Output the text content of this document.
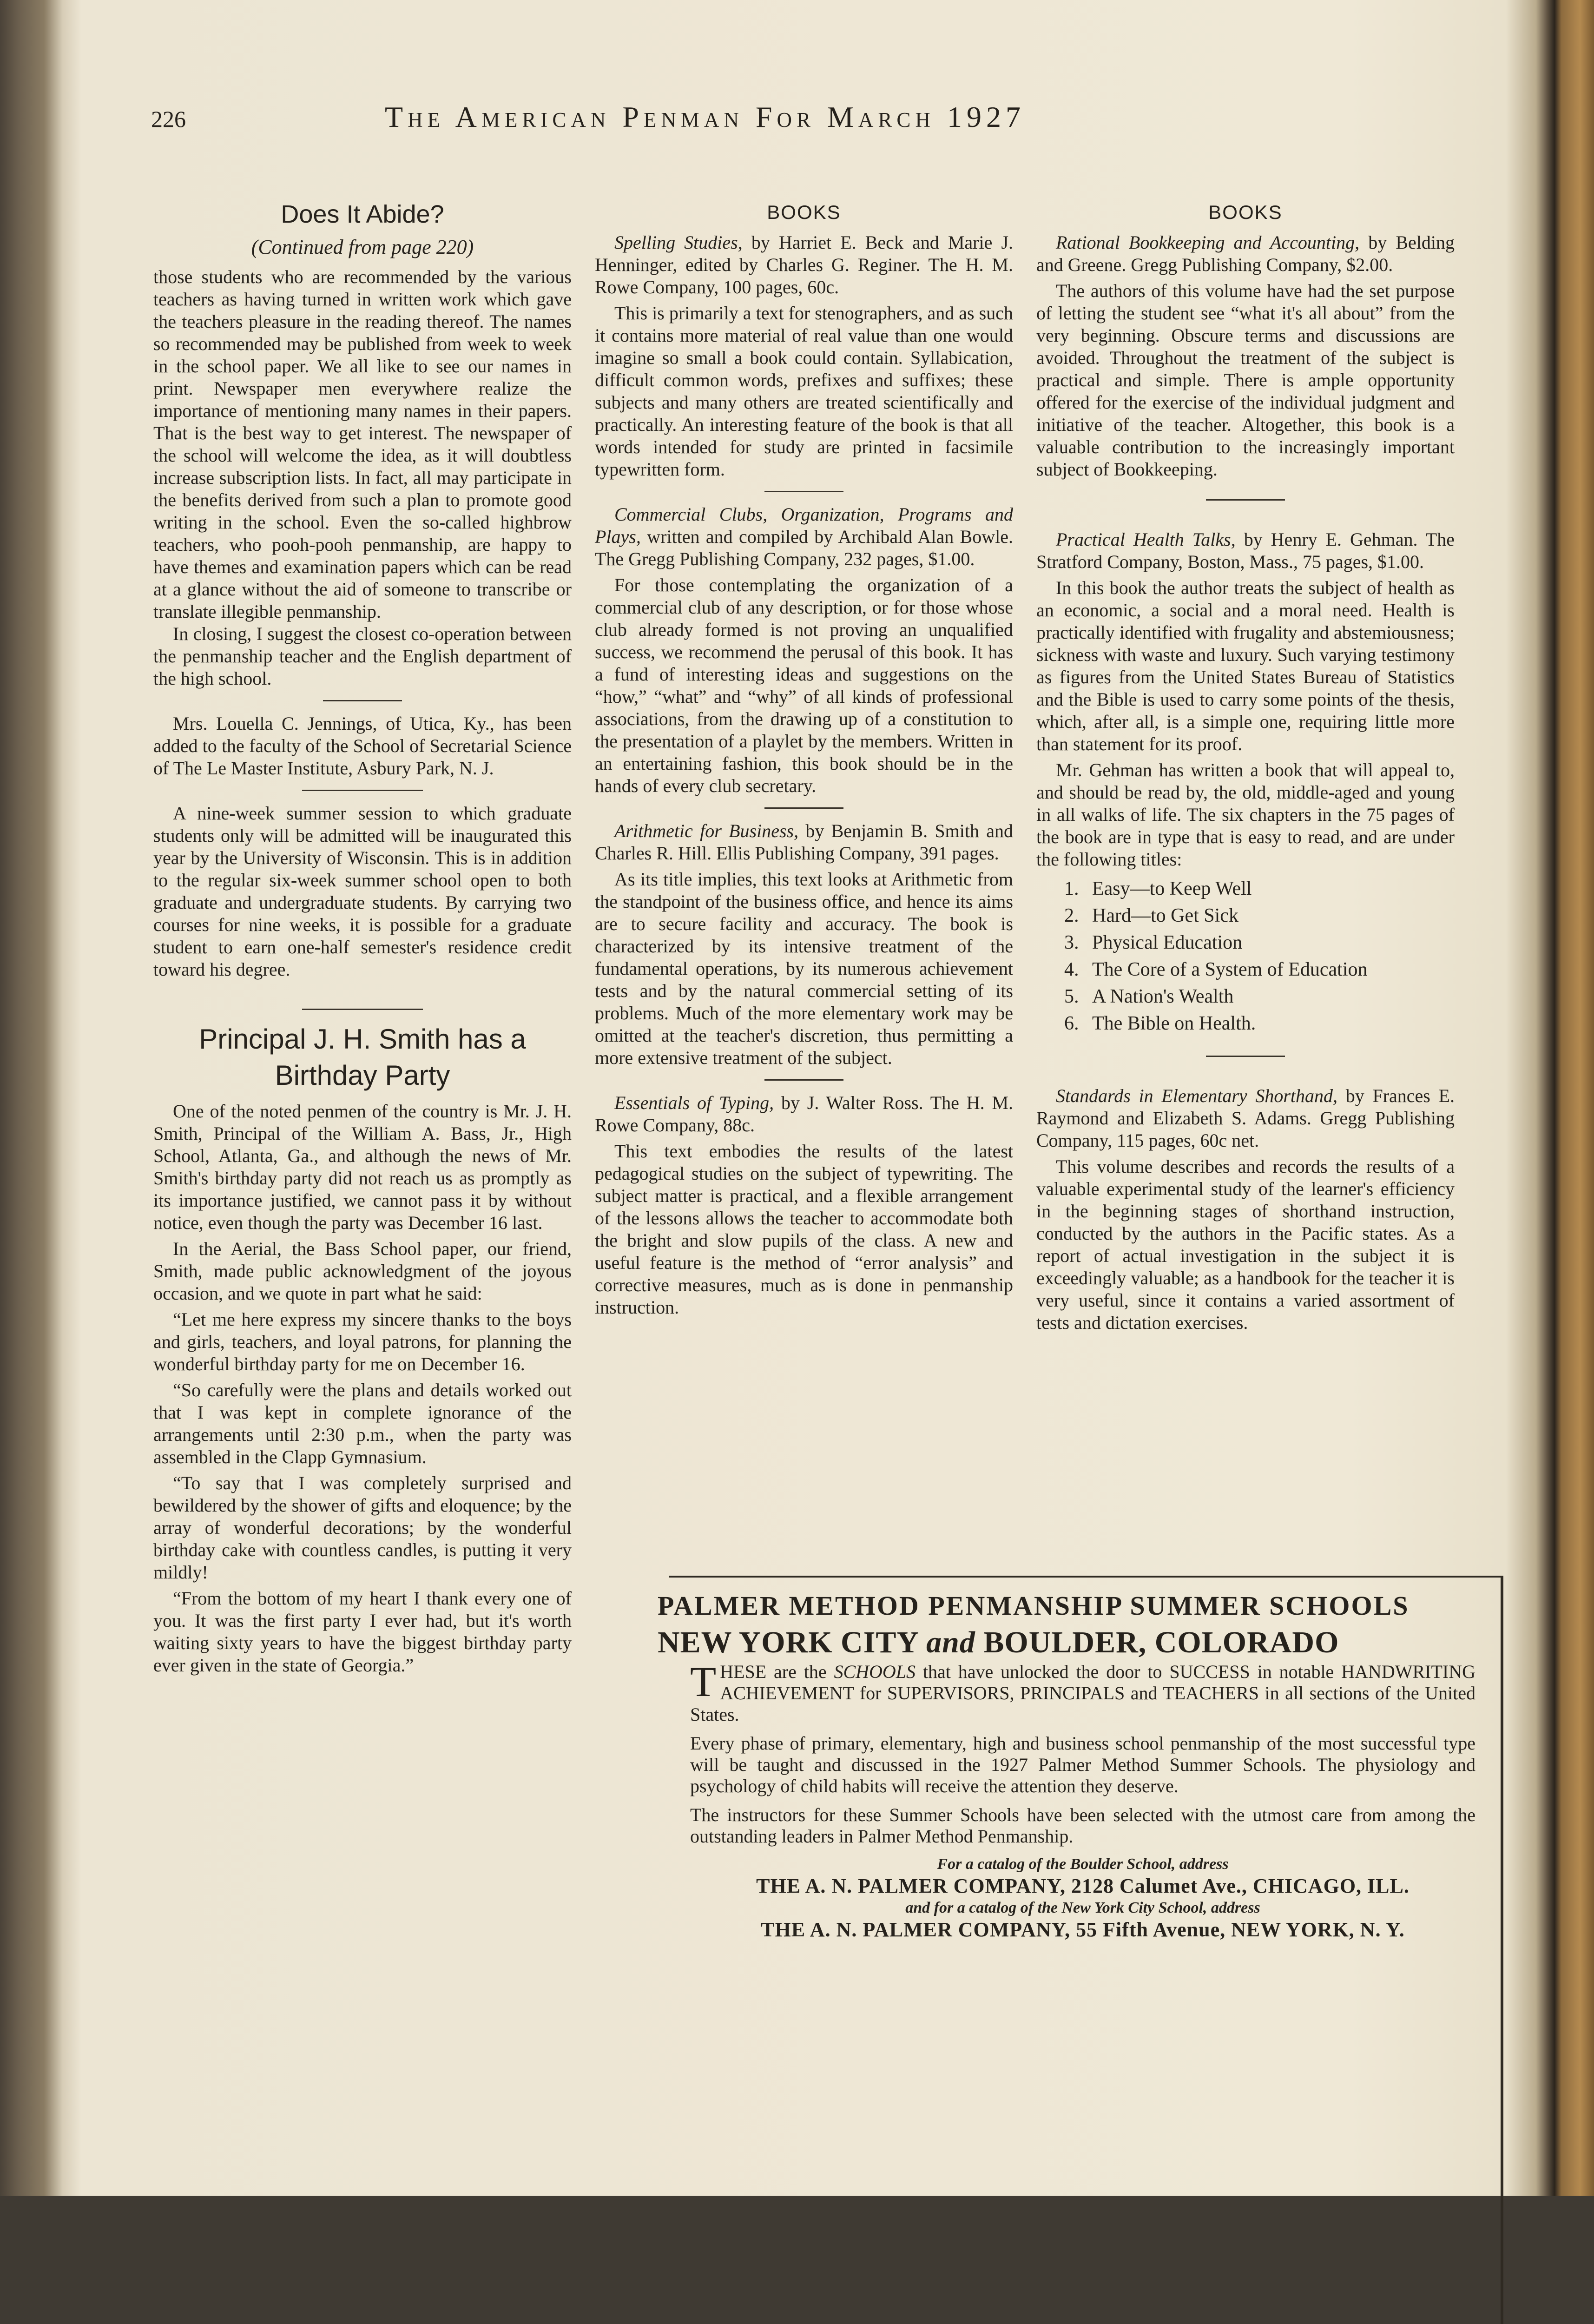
226	The American Penman For March 1927
Does It Abide?
(Continued from page 220)

those students who are recommended by the various teachers as having turned in written work which gave the teachers pleasure in the reading thereof. The names so recommended may be published from week to week in the school paper. We all like to see our names in print. Newspaper men everywhere realize the importance of mentioning many names in their papers. That is the best way to get interest. The newspaper of the school will welcome the idea, as it will doubtless increase subscription lists. In fact, all may participate in the benefits derived from such a plan to promote good writing in the school. Even the so-called highbrow teachers, who pooh-pooh penmanship, are happy to have themes and examination papers which can be read at a glance without the aid of someone to transcribe or translate illegible penmanship.

In closing, I suggest the closest co-operation between the penmanship teacher and the English department of the high school.

Mrs. Louella C. Jennings, of Utica, Ky., has been added to the faculty of the School of Secretarial Science of The Le Master Institute, Asbury Park, N. J.

A nine-week summer session to which graduate students only will be admitted will be inaugurated this year by the University of Wisconsin. This is in addition to the regular six-week summer school open to both graduate and undergraduate students. By carrying two courses for nine weeks, it is possible for a graduate student to earn one-half semester's residence credit toward his degree.

Principal J. H. Smith has a Birthday Party

One of the noted penmen of the country is Mr. J. H. Smith, Principal of the William A. Bass, Jr., High School, Atlanta, Ga., and although the news of Mr. Smith's birthday party did not reach us as promptly as its importance justified, we cannot pass it by without notice, even though the party was December 16 last.

In the Aerial, the Bass School paper, our friend, Smith, made public acknowledgment of the joyous occasion, and we quote in part what he said:

“Let me here express my sincere thanks to the boys and girls, teachers, and loyal patrons, for planning the wonderful birthday party for me on December 16.

“So carefully were the plans and details worked out that I was kept in complete ignorance of the arrangements until 2:30 p.m., when the party was assembled in the Clapp Gymnasium.

“To say that I was completely surprised and bewildered by the shower of gifts and eloquence; by the array of wonderful decorations; by the wonderful birthday cake with countless candles, is putting it very mildly!

“From the bottom of my heart I thank every one of you. It was the first party I ever had, but it's worth waiting sixty years to have the biggest birthday party ever given in the state of Georgia.”

BOOKS

Spelling Studies, by Harriet E. Beck and Marie J. Henninger, edited by Charles G. Reginer. The H. M. Rowe Company, 100 pages, 60c.

This is primarily a text for stenographers, and as such it contains more material of real value than one would imagine so small a book could contain. Syllabication, difficult common words, prefixes and suffixes; these subjects and many others are treated scientifically and practically. An interesting feature of the book is that all words intended for study are printed in facsimile typewritten form.

Commercial Clubs, Organization, Programs and Plays, written and compiled by Archibald Alan Bowle. The Gregg Publishing Company, 232 pages, $1.00.

For those contemplating the organization of a commercial club of any description, or for those whose club already formed is not proving an unqualified success, we recommend the perusal of this book. It has a fund of interesting ideas and suggestions on the “how,” “what” and “why” of all kinds of professional associations, from the drawing up of a constitution to the presentation of a playlet by the members. Written in an entertaining fashion, this book should be in the hands of every club secretary.

Arithmetic for Business, by Benjamin B. Smith and Charles R. Hill. Ellis Publishing Company, 391 pages.

As its title implies, this text looks at Arithmetic from the standpoint of the business office, and hence its aims are to secure facility and accuracy. The book is characterized by its intensive treatment of the fundamental operations, by its numerous achievement tests and by the natural commercial setting of its problems. Much of the more elementary work may be omitted at the teacher's discretion, thus permitting a more extensive treatment of the subject.

Essentials of Typing, by J. Walter Ross. The H. M. Rowe Company, 88c.

This text embodies the results of the latest pedagogical studies on the subject of typewriting. The subject matter is practical, and a flexible arrangement of the lessons allows the teacher to accommodate both the bright and slow pupils of the class. A new and useful feature is the method of “error analysis” and corrective measures, much as is done in penmanship instruction.

BOOKS

Rational Bookkeeping and Accounting, by Belding and Greene. Gregg Publishing Company, $2.00.

The authors of this volume have had the set purpose of letting the student see “what it's all about” from the very beginning. Obscure terms and discussions are avoided. Throughout the treatment of the subject is practical and simple. There is ample opportunity offered for the exercise of the individual judgment and initiative of the teacher. Altogether, this book is a valuable contribution to the increasingly important subject of Bookkeeping.

Practical Health Talks, by Henry E. Gehman. The Stratford Company, Boston, Mass., 75 pages, $1.00.

In this book the author treats the subject of health as an economic, a social and a moral need. Health is practically identified with frugality and abstemiousness; sickness with waste and luxury. Such varying testimony as figures from the United States Bureau of Statistics and the Bible is used to carry some points of the thesis, which, after all, is a simple one, requiring little more than statement for its proof.

Mr. Gehman has written a book that will appeal to, and should be read by, the old, middle-aged and young in all walks of life. The six chapters in the 75 pages of the book are in type that is easy to read, and are under the following titles:

1. Easy—to Keep Well
2. Hard—to Get Sick
3. Physical Education
4. The Core of a System of Education
5. A Nation's Wealth
6. The Bible on Health.

Standards in Elementary Shorthand, by Frances E. Raymond and Elizabeth S. Adams. Gregg Publishing Company, 115 pages, 60c net.

This volume describes and records the results of a valuable experimental study of the learner's efficiency in the beginning stages of shorthand instruction, conducted by the authors in the Pacific states. As a report of actual investigation in the subject it is exceedingly valuable; as a handbook for the teacher it is very useful, since it contains a varied assortment of tests and dictation exercises.

PALMER METHOD PENMANSHIP SUMMER SCHOOLS
NEW YORK CITY and BOULDER, COLORADO

THESE are the SCHOOLS that have unlocked the door to SUCCESS in notable HANDWRITING ACHIEVEMENT for SUPERVISORS, PRINCIPALS and TEACHERS in all sections of the United States.

Every phase of primary, elementary, high and business school penmanship of the most successful type will be taught and discussed in the 1927 Palmer Method Summer Schools. The physiology and psychology of child habits will receive the attention they deserve.

The instructors for these Summer Schools have been selected with the utmost care from among the outstanding leaders in Palmer Method Penmanship.

For a catalog of the Boulder School, address
THE A. N. PALMER COMPANY, 2128 Calumet Ave., CHICAGO, ILL.
and for a catalog of the New York City School, address
THE A. N. PALMER COMPANY, 55 Fifth Avenue, NEW YORK, N. Y.
